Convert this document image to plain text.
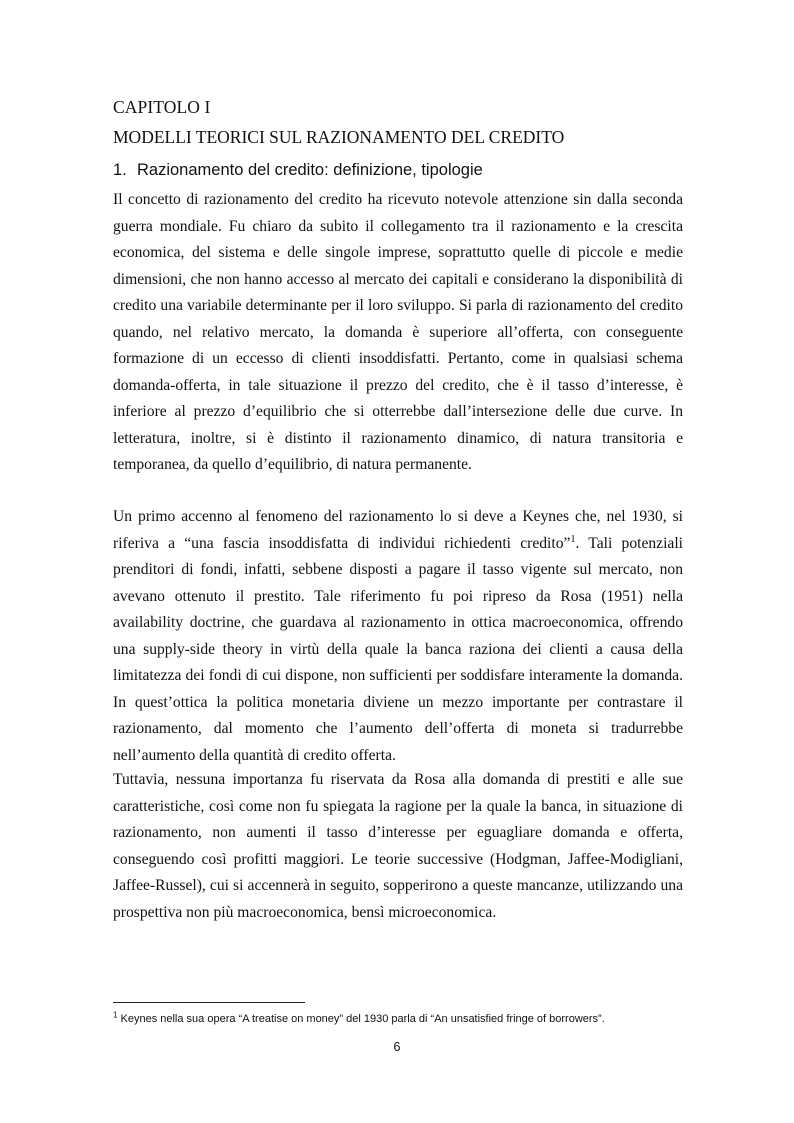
CAPITOLO I
MODELLI TEORICI SUL RAZIONAMENTO DEL CREDITO
1. Razionamento del credito: definizione, tipologie

Il concetto di razionamento del credito ha ricevuto notevole attenzione sin dalla seconda guerra mondiale. Fu chiaro da subito il collegamento tra il razionamento e la crescita economica, del sistema e delle singole imprese, soprattutto quelle di piccole e medie dimensioni, che non hanno accesso al mercato dei capitali e considerano la disponibilità di credito una variabile determinante per il loro sviluppo. Si parla di razionamento del credito quando, nel relativo mercato, la domanda è superiore all’offerta, con conseguente formazione di un eccesso di clienti insoddisfatti. Pertanto, come in qualsiasi schema domanda-offerta, in tale situazione il prezzo del credito, che è il tasso d’interesse, è inferiore al prezzo d’equilibrio che si otterrebbe dall’intersezione delle due curve. In letteratura, inoltre, si è distinto il razionamento dinamico, di natura transitoria e temporanea, da quello d’equilibrio, di natura permanente.

Un primo accenno al fenomeno del razionamento lo si deve a Keynes che, nel 1930, si riferiva a “una fascia insoddisfatta di individui richiedenti credito”$^1$. Tali potenziali prenditori di fondi, infatti, sebbene disposti a pagare il tasso vigente sul mercato, non avevano ottenuto il prestito. Tale riferimento fu poi ripreso da Rosa (1951) nella availability doctrine, che guardava al razionamento in ottica macroeconomica, offrendo una supply-side theory in virtù della quale la banca raziona dei clienti a causa della limitatezza dei fondi di cui dispone, non sufficienti per soddisfare interamente la domanda. In quest’ottica la politica monetaria diviene un mezzo importante per contrastare il razionamento, dal momento che l’aumento dell’offerta di moneta si tradurrebbe nell’aumento della quantità di credito offerta.

Tuttavia, nessuna importanza fu riservata da Rosa alla domanda di prestiti e alle sue caratteristiche, così come non fu spiegata la ragione per la quale la banca, in situazione di razionamento, non aumenti il tasso d’interesse per eguagliare domanda e offerta, conseguendo così profitti maggiori. Le teorie successive (Hodgman, Jaffee-Modigliani, Jaffee-Russel), cui si accennerà in seguito, sopperirono a queste mancanze, utilizzando una prospettiva non più macroeconomica, bensì microeconomica.

$^1$ Keynes nella sua opera “A treatise on money” del 1930 parla di “An unsatisfied fringe of borrowers”.
6
